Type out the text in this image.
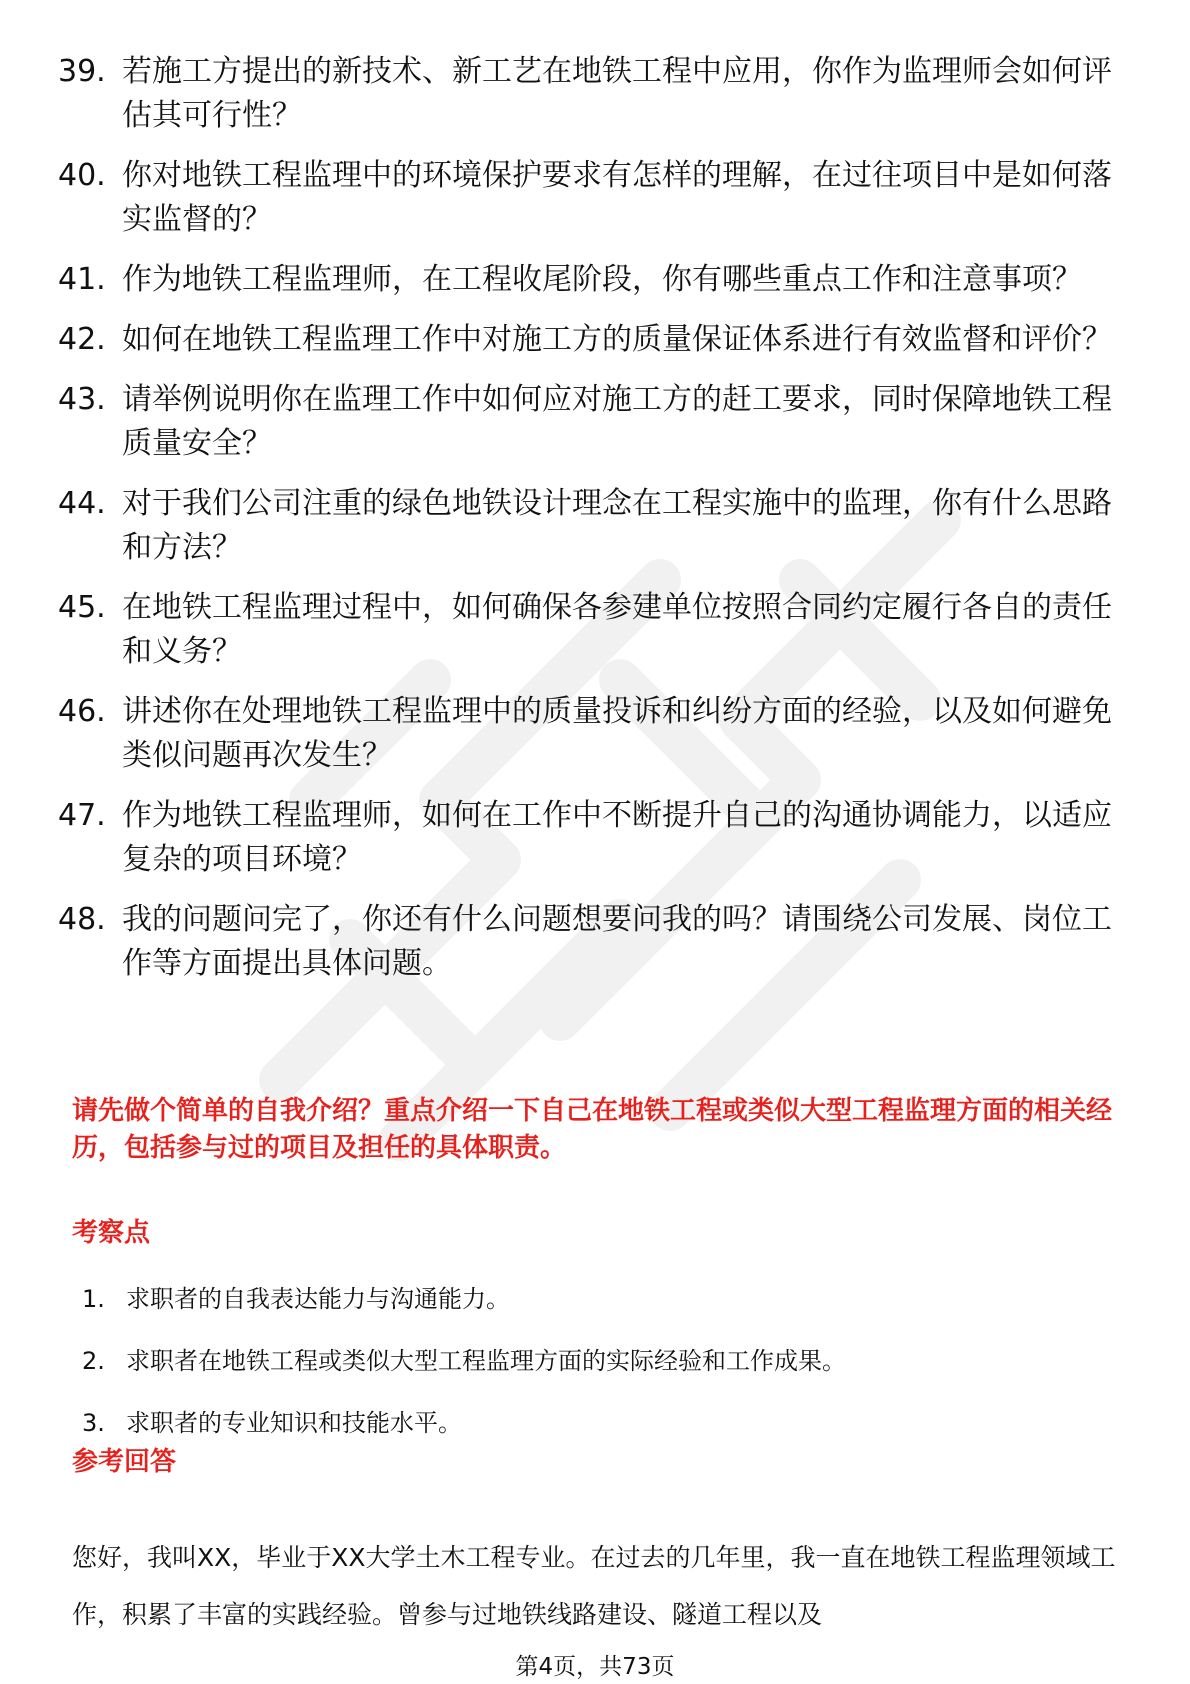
39. 若施工方提出的新技术、新工艺在地铁工程中应用，你作为监理师会如何评估其可行性？
40. 你对地铁工程监理中的环境保护要求有怎样的理解，在过往项目中是如何落实监督的？
41. 作为地铁工程监理师，在工程收尾阶段，你有哪些重点工作和注意事项？
42. 如何在地铁工程监理工作中对施工方的质量保证体系进行有效监督和评价？
43. 请举例说明你在监理工作中如何应对施工方的赶工要求，同时保障地铁工程质量安全？
44. 对于我们公司注重的绿色地铁设计理念在工程实施中的监理，你有什么思路和方法？
45. 在地铁工程监理过程中，如何确保各参建单位按照合同约定履行各自的责任和义务？
46. 讲述你在处理地铁工程监理中的质量投诉和纠纷方面的经验，以及如何避免类似问题再次发生？
47. 作为地铁工程监理师，如何在工作中不断提升自己的沟通协调能力，以适应复杂的项目环境？
48. 我的问题问完了，你还有什么问题想要问我的吗？请围绕公司发展、岗位工作等方面提出具体问题。
请先做个简单的自我介绍？重点介绍一下自己在地铁工程或类似大型工程监理方面的相关经历，包括参与过的项目及担任的具体职责。
考察点
1. 求职者的自我表达能力与沟通能力。
2. 求职者在地铁工程或类似大型工程监理方面的实际经验和工作成果。
3. 求职者的专业知识和技能水平。
参考回答
您好，我叫XX，毕业于XX大学土木工程专业。在过去的几年里，我一直在地铁工程监理领域工作，积累了丰富的实践经验。曾参与过地铁线路建设、隧道工程以及
第4页，共73页
